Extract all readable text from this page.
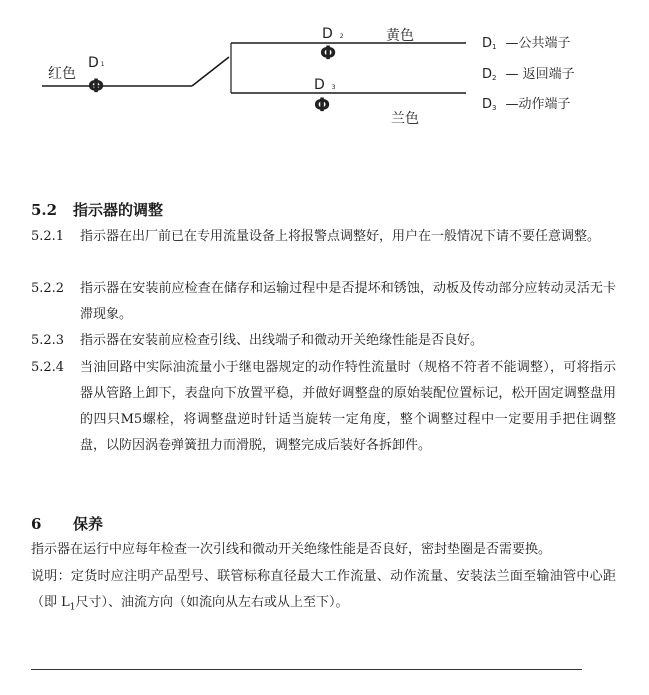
红色
黄色
兰色
D 1
Φ
D 2
Φ
D 3
Φ
D1 —公共端子
D2 — 返回端子
D3 —动作端子
5.2 指示器的调整
5.2.1 指示器在出厂前已在专用流量设备上将报警点调整好，用户在一般情况下请不要任意调整。
5.2.2 指示器在安装前应检查在储存和运输过程中是否提坏和锈蚀，动板及传动部分应转动灵活无卡滞现象。
5.2.3 指示器在安装前应检查引线、出线端子和微动开关绝缘性能是否良好。
5.2.4 当油回路中实际油流量小于继电器规定的动作特性流量时（规格不符者不能调整），可将指示器从管路上卸下，表盘向下放置平稳，并做好调整盘的原始装配位置标记，松开固定调整盘用的四只M5螺栓，将调整盘逆时针适当旋转一定角度，整个调整过程中一定要用手把住调整盘，以防因涡卷弹簧扭力而滑脱，调整完成后装好各拆卸件。
6 保养
指示器在运行中应每年检查一次引线和微动开关绝缘性能是否良好，密封垫圈是否需要换。
说明：定货时应注明产品型号、联管标称直径最大工作流量、动作流量、安装法兰面至输油管中心距（即 $L_1$尺寸）、油流方向（如流向从左右或从上至下）。
